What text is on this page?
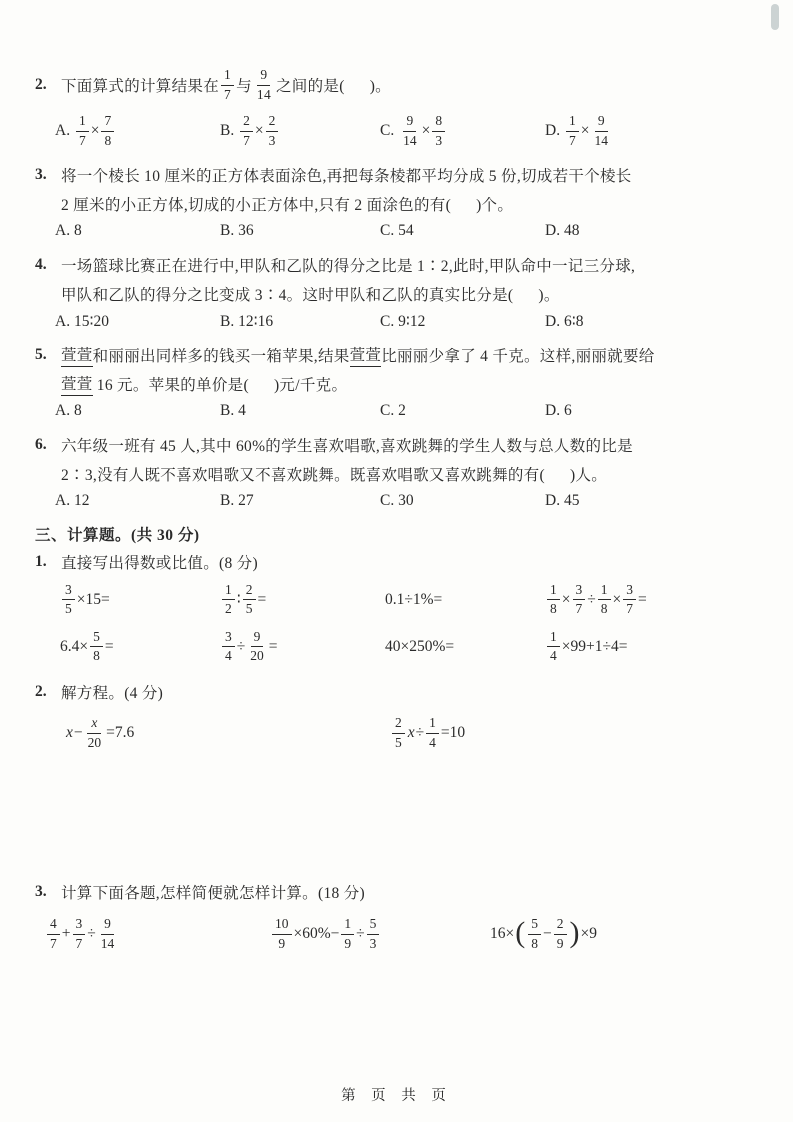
2. 下面算式的计算结果在 $\frac{1}{7}$ 与 $\frac{9}{14}$ 之间的是(      )。
A. $\frac{1}{7} \times \frac{7}{8}$	B. $\frac{2}{7} \times \frac{2}{3}$	C. $\frac{9}{14} \times \frac{8}{3}$	D. $\frac{1}{7} \times \frac{9}{14}$
3. 将一个棱长 10 厘米的正方体表面涂色,再把每条棱都平均分成 5 份,切成若干个棱长
2 厘米的小正方体,切成的小正方体中,只有 2 面涂色的有(      )个。
A. 8	B. 36	C. 54	D. 48
4. 一场篮球比赛正在进行中,甲队和乙队的得分之比是 1∶2,此时,甲队命中一记三分球,
甲队和乙队的得分之比变成 3∶4。这时甲队和乙队的真实比分是(      )。
A. 15∶20	B. 12∶16	C. 9∶12	D. 6∶8
5. 萱萱 和丽丽出同样多的钱买一箱苹果,结果 萱萱 比丽丽少拿了 4 千克。这样,丽丽就要给
萱萱 16 元。苹果的单价是(      )元/千克。
A. 8	B. 4	C. 2	D. 6
6. 六年级一班有 45 人,其中 60%的学生喜欢唱歌,喜欢跳舞的学生人数与总人数的比是
2∶3,没有人既不喜欢唱歌又不喜欢跳舞。既喜欢唱歌又喜欢跳舞的有(      )人。
A. 12	B. 27	C. 30	D. 45
三、计算题。(共 30 分)
1. 直接写出得数或比值。(8 分)
$\frac{3}{5} \times 15=$	$\frac{1}{2}$ ∶ $\frac{2}{5}$ =	0.1÷1%=	$\frac{1}{8} \times \frac{3}{7} \div \frac{1}{8} \times \frac{3}{7}$ =
$6.4\times \frac{5}{8}$ =	$\frac{3}{4} \div \frac{9}{20}$ =	40×250%=	$\frac{1}{4} \times 99+1\div 4=$
2. 解方程。(4 分)
$x - \frac{x}{20} =7.6$	$\frac{2}{5}$ $x \div \frac{1}{4} =10$
3. 计算下面各题,怎样简便就怎样计算。(18 分)
$\frac{4}{7} + \frac{3}{7} \div \frac{9}{14}$	$\frac{10}{9} \times 60\%- \frac{1}{9} \div \frac{5}{3}$	16× ( $\frac{5}{8} - \frac{2}{9}$ ) ×9
第 页 共 页
